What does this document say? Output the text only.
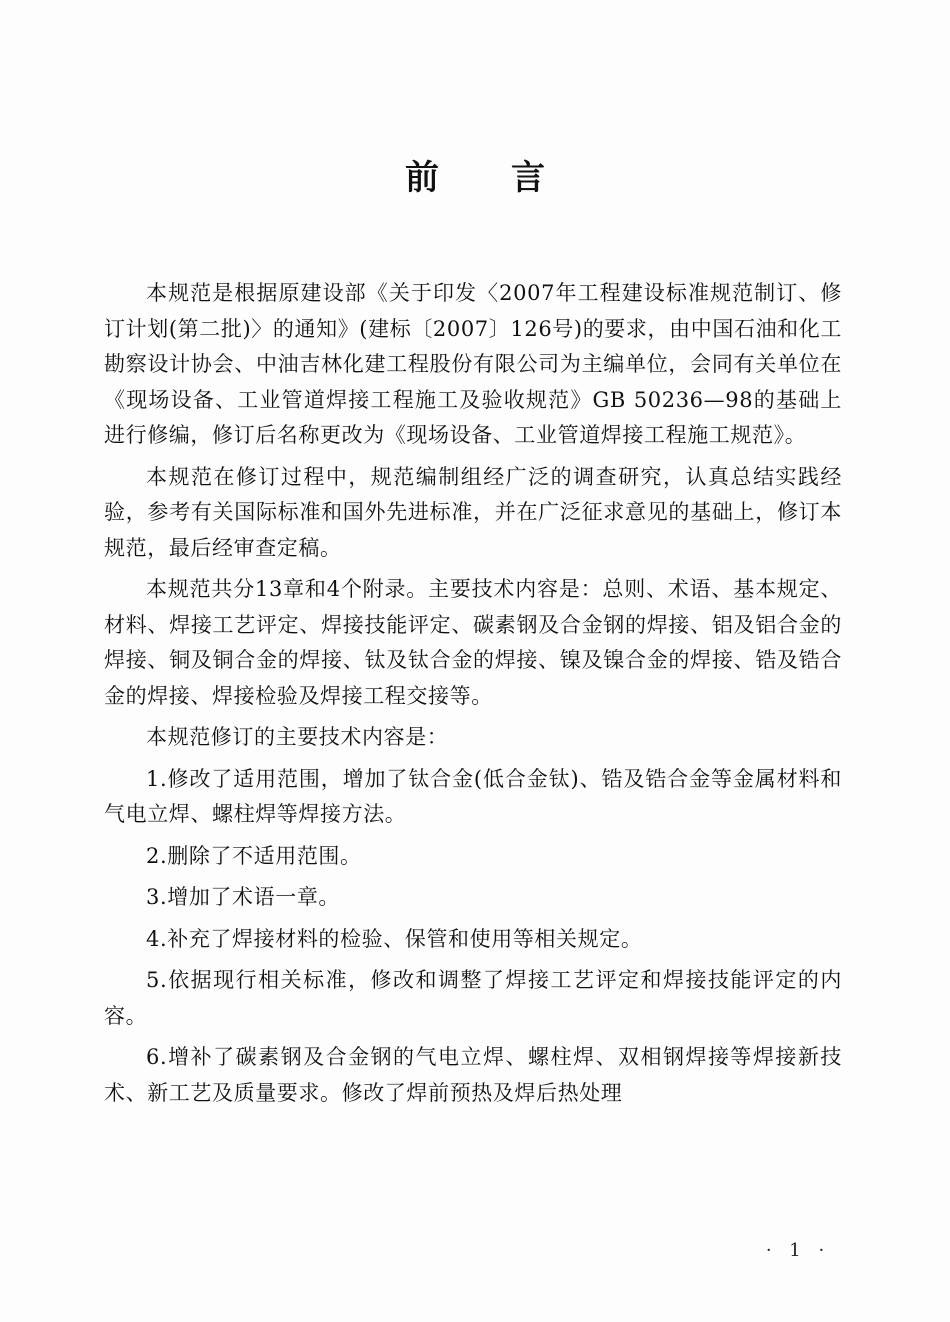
前言

本规范是根据原建设部《关于印发〈2007年工程建设标准规范制订、修订计划(第二批)〉的通知》(建标〔2007〕126号)的要求，由中国石油和化工勘察设计协会、中油吉林化建工程股份有限公司为主编单位，会同有关单位在《现场设备、工业管道焊接工程施工及验收规范》GB 50236—98的基础上进行修编，修订后名称更改为《现场设备、工业管道焊接工程施工规范》。

本规范在修订过程中，规范编制组经广泛的调查研究，认真总结实践经验，参考有关国际标准和国外先进标准，并在广泛征求意见的基础上，修订本规范，最后经审查定稿。

本规范共分13章和4个附录。主要技术内容是：总则、术语、基本规定、材料、焊接工艺评定、焊接技能评定、碳素钢及合金钢的焊接、铝及铝合金的焊接、铜及铜合金的焊接、钛及钛合金的焊接、镍及镍合金的焊接、锆及锆合金的焊接、焊接检验及焊接工程交接等。

本规范修订的主要技术内容是：

1.修改了适用范围，增加了钛合金(低合金钛)、锆及锆合金等金属材料和气电立焊、螺柱焊等焊接方法。

2.删除了不适用范围。

3.增加了术语一章。

4.补充了焊接材料的检验、保管和使用等相关规定。

5.依据现行相关标准，修改和调整了焊接工艺评定和焊接技能评定的内容。

6.增补了碳素钢及合金钢的气电立焊、螺柱焊、双相钢焊接等焊接新技术、新工艺及质量要求。修改了焊前预热及焊后热处理

· 1 ·
